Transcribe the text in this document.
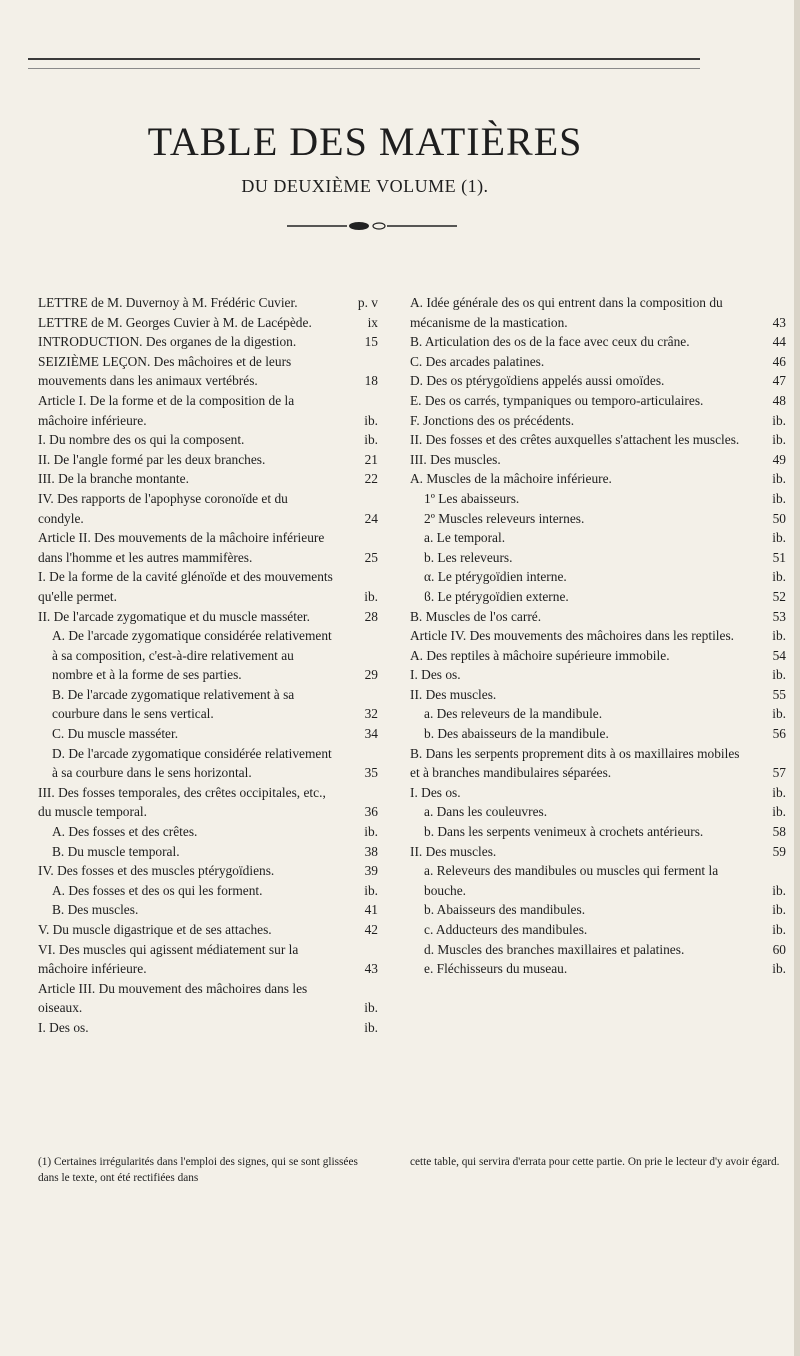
TABLE DES MATIÈRES
DU DEUXIÈME VOLUME (1).
LETTRE de M. Duvernoy à M. Frédéric Cuvier.	p. v
LETTRE de M. Georges Cuvier à M. de Lacépède.	ix
INTRODUCTION. Des organes de la digestion.	15
SEIZIÈME LEÇON. Des mâchoires et de leurs mouvements dans les animaux vertébrés.	18
Article I. De la forme et de la composition de la mâchoire inférieure.	ib.
I. Du nombre des os qui la composent.	ib.
II. De l'angle formé par les deux branches.	21
III. De la branche montante.	22
IV. Des rapports de l'apophyse coronoïde et du condyle.	24
Article II. Des mouvements de la mâchoire inférieure dans l'homme et les autres mammifères.	25
I. De la forme de la cavité glénoïde et des mouvements qu'elle permet.	ib.
II. De l'arcade zygomatique et du muscle masséter.	28
A. De l'arcade zygomatique considérée relativement à sa composition, c'est-à-dire relativement au nombre et à la forme de ses parties.	29
B. De l'arcade zygomatique relativement à sa courbure dans le sens vertical.	32
C. Du muscle masséter.	34
D. De l'arcade zygomatique considérée relativement à sa courbure dans le sens horizontal.	35
III. Des fosses temporales, des crêtes occipitales, etc., du muscle temporal.	36
A. Des fosses et des crêtes.	ib.
B. Du muscle temporal.	38
IV. Des fosses et des muscles ptérygoïdiens.	39
A. Des fosses et des os qui les forment.	ib.
B. Des muscles.	41
V. Du muscle digastrique et de ses attaches.	42
VI. Des muscles qui agissent médiatement sur la mâchoire inférieure.	43
Article III. Du mouvement des mâchoires dans les oiseaux.	ib.
I. Des os.	ib.
A. Idée générale des os qui entrent dans la composition du mécanisme de la mastication.	43
B. Articulation des os de la face avec ceux du crâne.	44
C. Des arcades palatines.	46
D. Des os ptérygoïdiens appelés aussi omoïdes.	47
E. Des os carrés, tympaniques ou temporo-articulaires.	48
F. Jonctions des os précédents.	ib.
II. Des fosses et des crêtes auxquelles s'attachent les muscles.	ib.
III. Des muscles.	49
A. Muscles de la mâchoire inférieure.	ib.
1º Les abaisseurs.	ib.
2º Muscles releveurs internes.	50
a. Le temporal.	ib.
b. Les releveurs.	51
α. Le ptérygoïdien interne.	ib.
ϐ. Le ptérygoïdien externe.	52
B. Muscles de l'os carré.	53
Article IV. Des mouvements des mâchoires dans les reptiles.	ib.
A. Des reptiles à mâchoire supérieure immobile.	54
I. Des os.	ib.
II. Des muscles.	55
a. Des releveurs de la mandibule.	ib.
b. Des abaisseurs de la mandibule.	56
B. Dans les serpents proprement dits à os maxillaires mobiles et à branches mandibulaires séparées.	57
I. Des os.	ib.
a. Dans les couleuvres.	ib.
b. Dans les serpents venimeux à crochets antérieurs.	58
II. Des muscles.	59
a. Releveurs des mandibules ou muscles qui ferment la bouche.	ib.
b. Abaisseurs des mandibules.	ib.
c. Adducteurs des mandibules.	ib.
d. Muscles des branches maxillaires et palatines.	60
e. Fléchisseurs du museau.	ib.
(1) Certaines irrégularités dans l'emploi des signes, qui se sont glissées dans le texte, ont été rectifiées dans
cette table, qui servira d'errata pour cette partie. On prie le lecteur d'y avoir égard.
